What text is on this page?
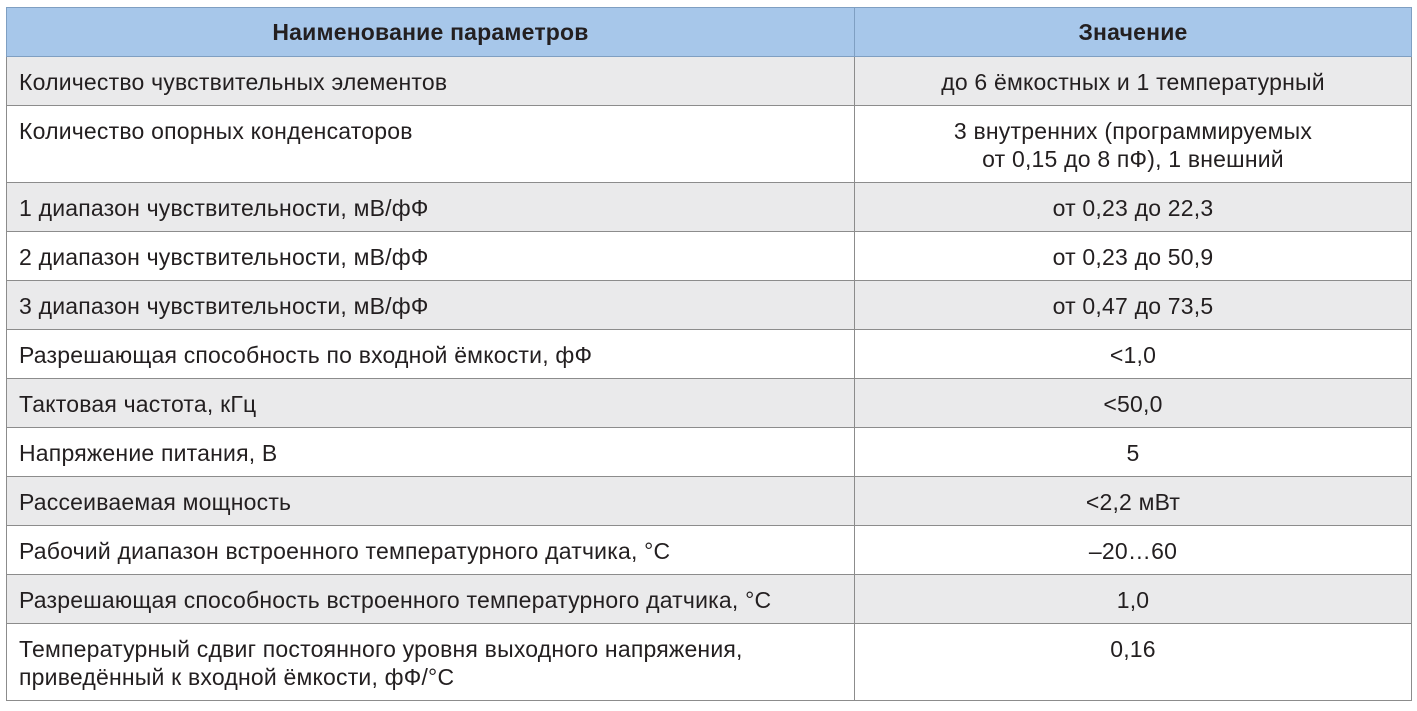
Наименование параметров	Значение

Количество чувствительных элементов	до 6 ёмкостных и 1 температурный

Количество опорных конденсаторов	3 внутренних (программируемых
от 0,15 до 8 пФ), 1 внешний

1 диапазон чувствительности, мВ/фФ	от 0,23 до 22,3

2 диапазон чувствительности, мВ/фФ	от 0,23 до 50,9

3 диапазон чувствительности, мВ/фФ	от 0,47 до 73,5

Разрешающая способность по входной ёмкости, фФ	<1,0

Тактовая частота, кГц	<50,0

Напряжение питания, В	5

Рассеиваемая мощность	<2,2 мВт

Рабочий диапазон встроенного температурного датчика, °С	–20…60

Разрешающая способность встроенного температурного датчика, °С	1,0

Температурный сдвиг постоянного уровня выходного напряжения,
приведённый к входной ёмкости, фФ/°С	0,16
